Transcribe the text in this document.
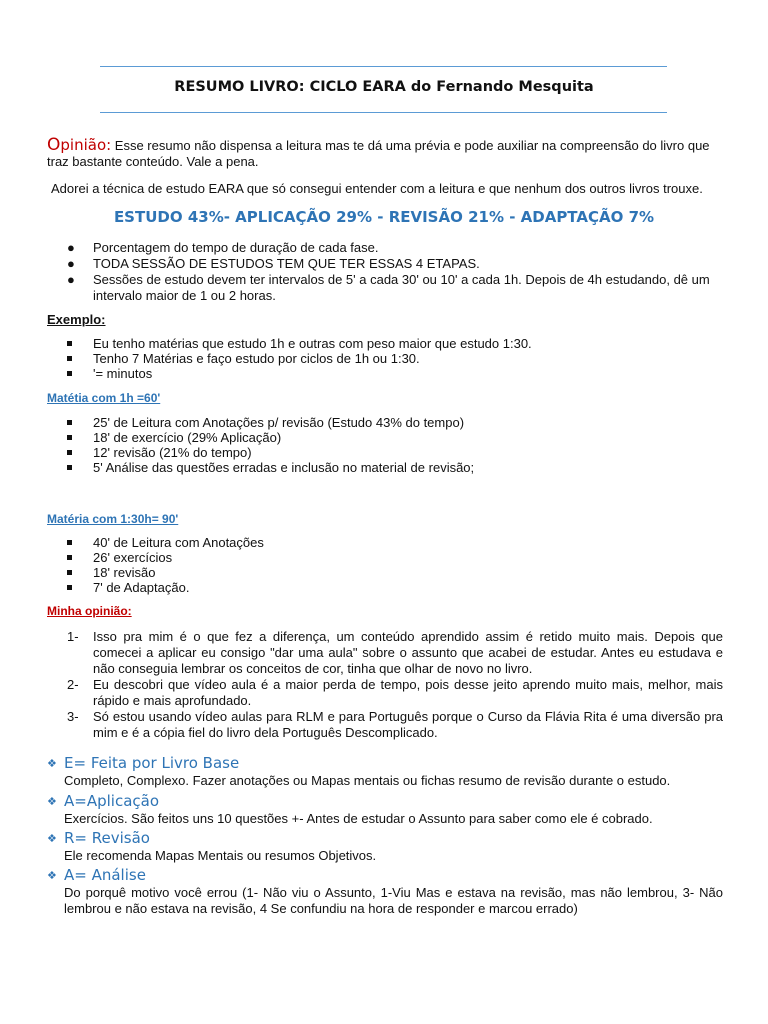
RESUMO LIVRO: CICLO EARA do Fernando Mesquita
Opinião: Esse resumo não dispensa a leitura mas te dá uma prévia e pode auxiliar na compreensão do livro que traz bastante conteúdo. Vale a pena.
Adorei a técnica de estudo EARA que só consegui entender com a leitura e que nenhum dos outros livros trouxe.
ESTUDO 43%- APLICAÇÃO 29% - REVISÃO 21% - ADAPTAÇÃO 7%
● Porcentagem do tempo de duração de cada fase.
● TODA SESSÃO DE ESTUDOS TEM QUE TER ESSAS 4 ETAPAS.
● Sessões de estudo devem ter intervalos de 5' a cada 30' ou 10' a cada 1h. Depois de 4h estudando, dê um intervalo maior de 1 ou 2 horas.
Exemplo:
Eu tenho matérias que estudo 1h e outras com peso maior que estudo 1:30.
Tenho 7 Matérias e faço estudo por ciclos de 1h ou 1:30.
'= minutos
Matétia com 1h =60'
25' de Leitura com Anotações p/ revisão (Estudo 43% do tempo)
18' de exercício (29% Aplicação)
12' revisão (21% do tempo)
5' Análise das questões erradas e inclusão no material de revisão;
Matéria com 1:30h= 90'
40' de Leitura com Anotações
26' exercícios
18' revisão
7' de Adaptação.
Minha opinião:
1- Isso pra mim é o que fez a diferença, um conteúdo aprendido assim é retido muito mais. Depois que comecei a aplicar eu consigo "dar uma aula" sobre o assunto que acabei de estudar. Antes eu estudava e não conseguia lembrar os conceitos de cor, tinha que olhar de novo no livro.
2- Eu descobri que vídeo aula é a maior perda de tempo, pois desse jeito aprendo muito mais, melhor, mais rápido e mais aprofundado.
3- Só estou usando vídeo aulas para RLM e para Português porque o Curso da Flávia Rita é uma diversão pra mim e é a cópia fiel do livro dela Português Descomplicado.
❖ E= Feita por Livro Base
Completo, Complexo. Fazer anotações ou Mapas mentais ou fichas resumo de revisão durante o estudo.
❖ A=Aplicação
Exercícios. São feitos uns 10 questões +- Antes de estudar o Assunto para saber como ele é cobrado.
❖ R= Revisão
Ele recomenda Mapas Mentais ou resumos Objetivos.
❖ A= Análise
Do porquê motivo você errou (1- Não viu o Assunto, 1-Viu Mas e estava na revisão, mas não lembrou, 3- Não lembrou e não estava na revisão, 4 Se confundiu na hora de responder e marcou errado)
